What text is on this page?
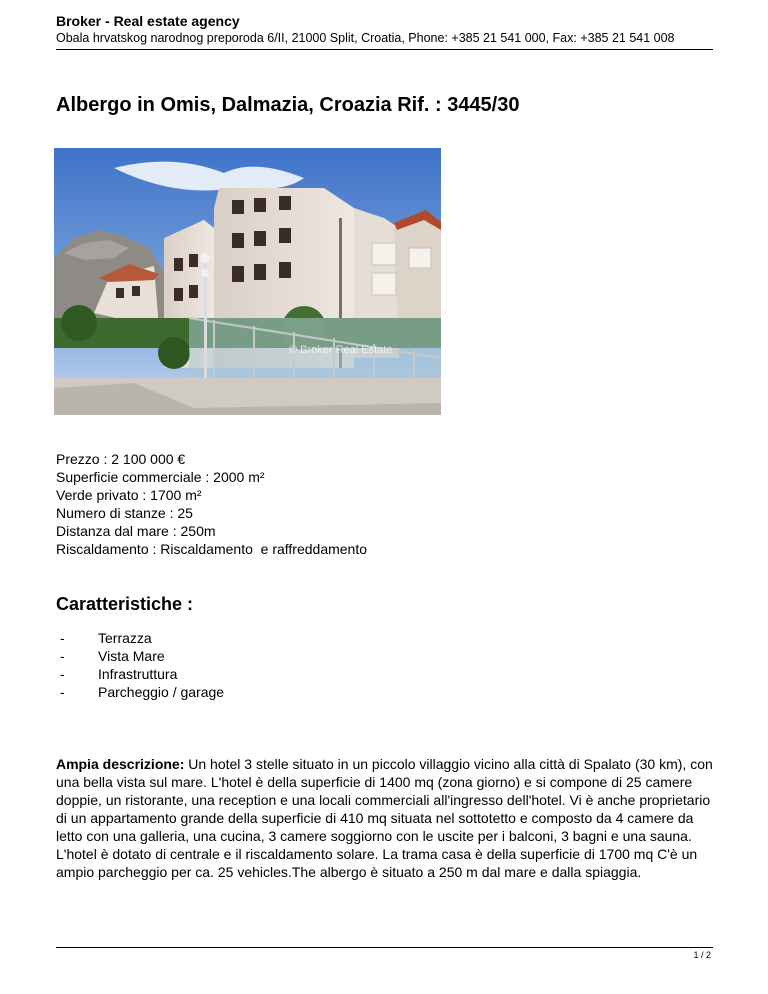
Broker - Real estate agency
Obala hrvatskog narodnog preporoda 6/II, 21000 Split, Croatia, Phone: +385 21 541 000, Fax: +385 21 541 008
Albergo in Omis, Dalmazia, Croazia Rif. : 3445/30
© Broker Real Estate
Prezzo : 2 100 000 €
Superficie commerciale : 2000 m²
Verde privato : 1700 m²
Numero di stanze : 25
Distanza dal mare : 250m
Riscaldamento : Riscaldamento  e raffreddamento
Caratteristiche :
- Terrazza
- Vista Mare
- Infrastruttura
- Parcheggio / garage

Ampia descrizione: Un hotel 3 stelle situato in un piccolo villaggio vicino alla città di Spalato (30 km), con una bella vista sul mare. L'hotel è della superficie di 1400 mq (zona giorno) e si compone di 25 camere doppie, un ristorante, una reception e una locali commerciali all'ingresso dell'hotel. Vi è anche proprietario di un appartamento grande della superficie di 410 mq situata nel sottotetto e composto da 4 camere da letto con una galleria, una cucina, 3 camere soggiorno con le uscite per i balconi, 3 bagni e una sauna. L'hotel è dotato di centrale e il riscaldamento solare. La trama casa è della superficie di 1700 mq C'è un ampio parcheggio per ca. 25 vehicles.The albergo è situato a 250 m dal mare e dalla spiaggia.

1 / 2
